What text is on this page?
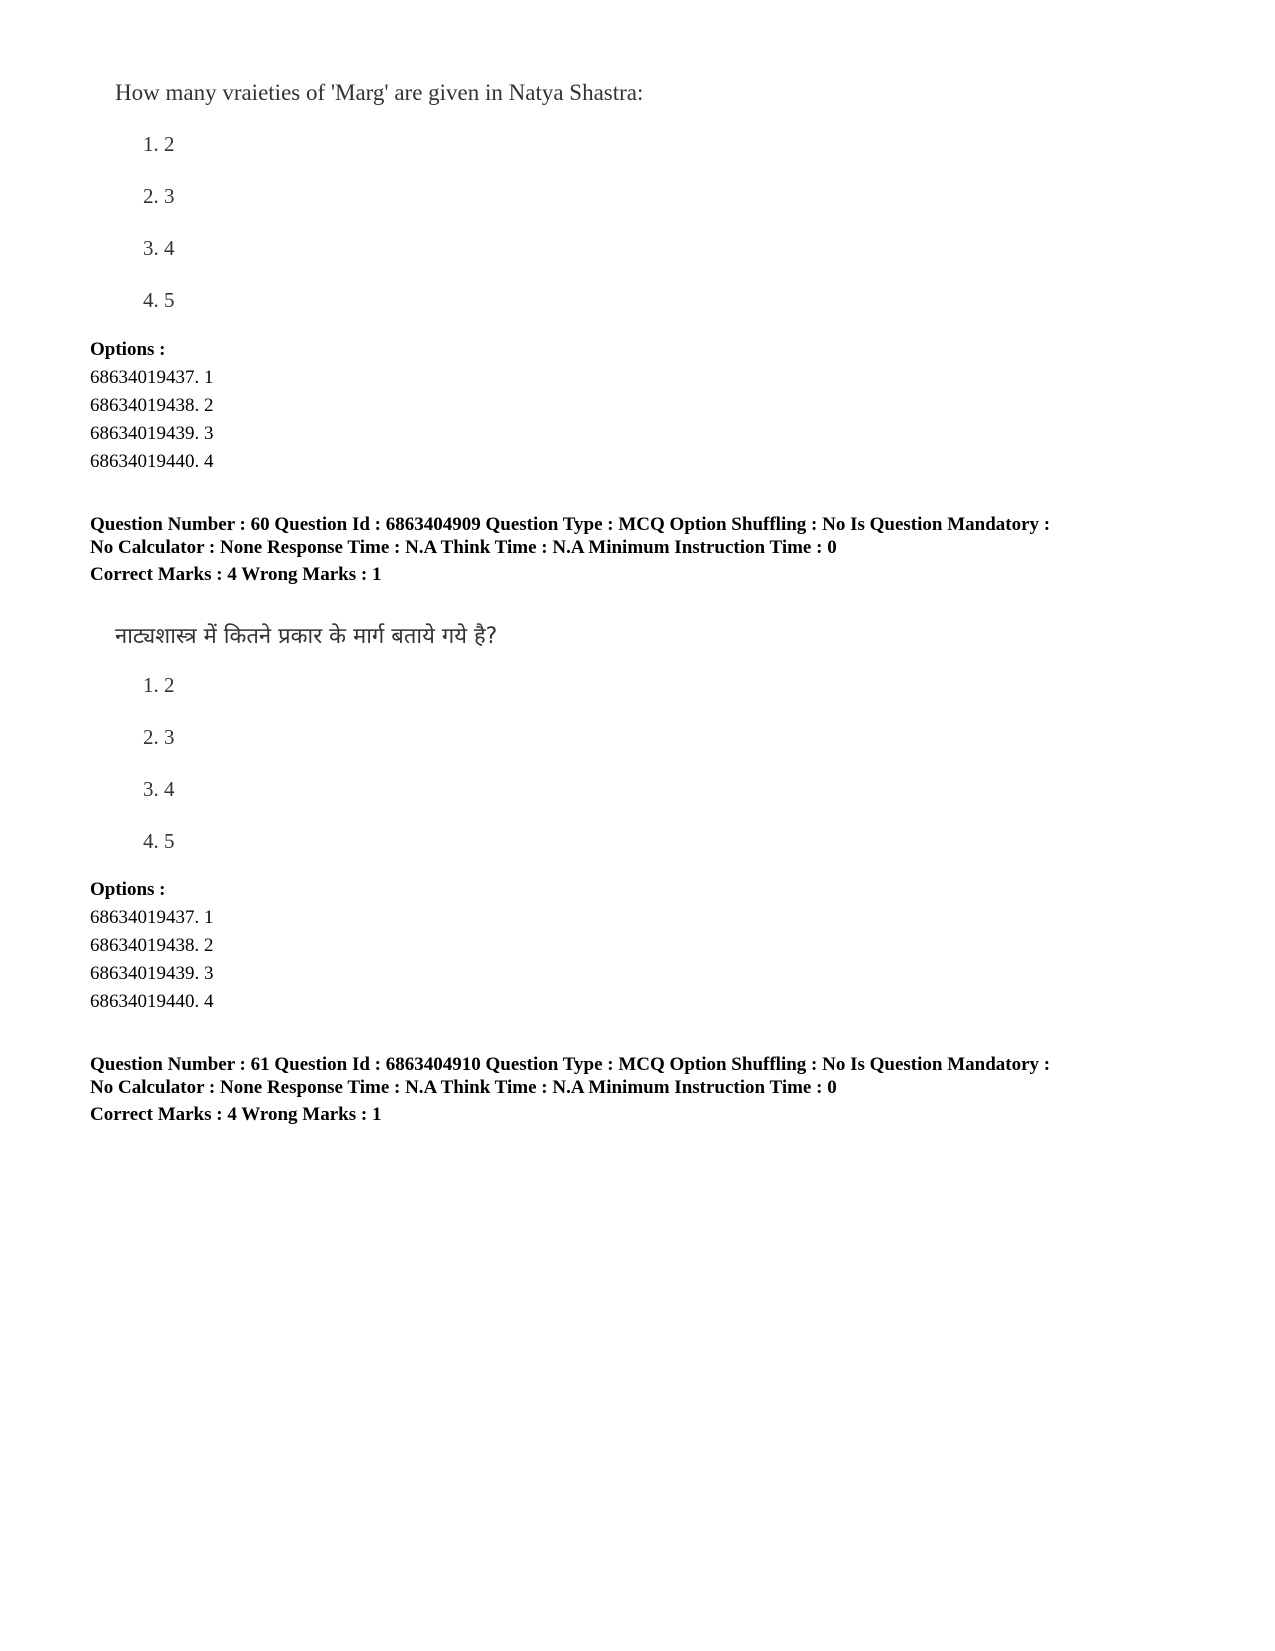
How many vraieties of 'Marg' are given in Natya Shastra:
1. 2
2. 3
3. 4
4. 5
Options :
68634019437. 1
68634019438. 2
68634019439. 3
68634019440. 4
Question Number : 60 Question Id : 6863404909 Question Type : MCQ Option Shuffling : No Is Question Mandatory :
No Calculator : None Response Time : N.A Think Time : N.A Minimum Instruction Time : 0
Correct Marks : 4 Wrong Marks : 1
नाट्यशास्त्र में कितने प्रकार के मार्ग बताये गये है?
1. 2
2. 3
3. 4
4. 5
Options :
68634019437. 1
68634019438. 2
68634019439. 3
68634019440. 4
Question Number : 61 Question Id : 6863404910 Question Type : MCQ Option Shuffling : No Is Question Mandatory :
No Calculator : None Response Time : N.A Think Time : N.A Minimum Instruction Time : 0
Correct Marks : 4 Wrong Marks : 1
